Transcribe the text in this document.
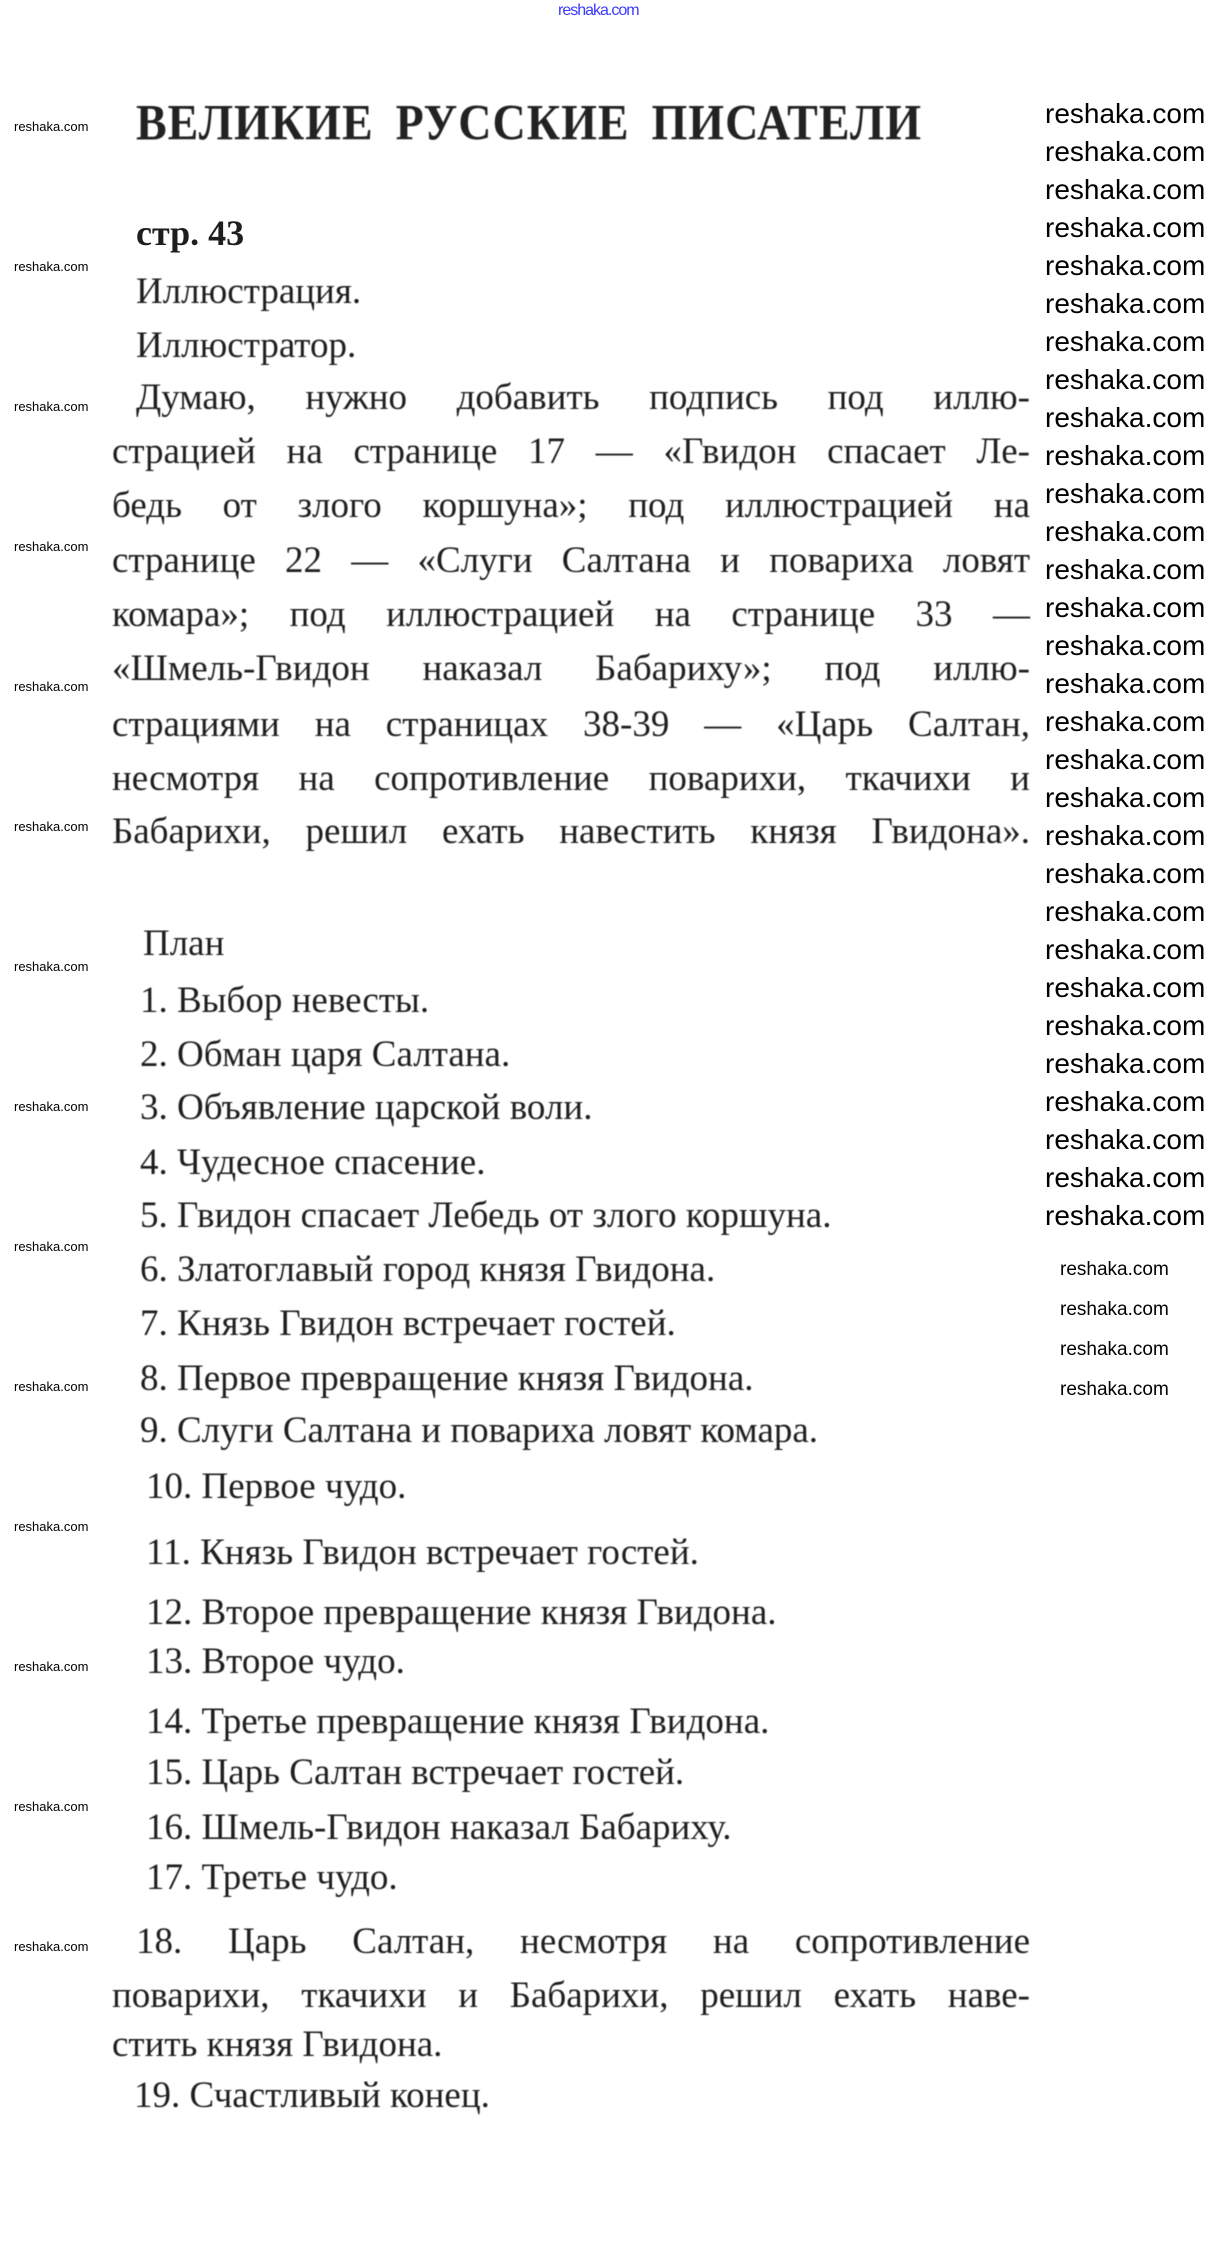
reshaka.com
ВЕЛИКИЕ РУССКИЕ ПИСАТЕЛИ
стр. 43
Иллюстрация.
Иллюстратор.
Думаю, нужно добавить подпись под иллю-
страцией на странице 17 — «Гвидон спасает Ле-
бедь от злого коршуна»; под иллюстрацией на
странице 22 — «Слуги Салтана и повариха ловят
комара»; под иллюстрацией на странице 33 —
«Шмель-Гвидон наказал Бабариху»; под иллю-
страциями на страницах 38-39 — «Царь Салтан,
несмотря на сопротивление поварихи, ткачихи и
Бабарихи, решил ехать навестить князя Гвидона».
План
1. Выбор невесты.
2. Обман царя Салтана.
3. Объявление царской воли.
4. Чудесное спасение.
5. Гвидон спасает Лебедь от злого коршуна.
6. Златоглавый город князя Гвидона.
7. Князь Гвидон встречает гостей.
8. Первое превращение князя Гвидона.
9. Слуги Салтана и повариха ловят комара.
10. Первое чудо.
11. Князь Гвидон встречает гостей.
12. Второе превращение князя Гвидона.
13. Второе чудо.
14. Третье превращение князя Гвидона.
15. Царь Салтан встречает гостей.
16. Шмель-Гвидон наказал Бабариху.
17. Третье чудо.
18. Царь Салтан, несмотря на сопротивление
поварихи, ткачихи и Бабарихи, решил ехать наве-
стить князя Гвидона.
19. Счастливый конец.
reshaka.com
reshaka.com
reshaka.com
reshaka.com
reshaka.com
reshaka.com
reshaka.com
reshaka.com
reshaka.com
reshaka.com
reshaka.com
reshaka.com
reshaka.com
reshaka.com
reshaka.com
reshaka.com
reshaka.com
reshaka.com
reshaka.com
reshaka.com
reshaka.com
reshaka.com
reshaka.com
reshaka.com
reshaka.com
reshaka.com
reshaka.com
reshaka.com
reshaka.com
reshaka.com
reshaka.com
reshaka.com
reshaka.com
reshaka.com
reshaka.com
reshaka.com
reshaka.com
reshaka.com
reshaka.com
reshaka.com
reshaka.com
reshaka.com
reshaka.com
reshaka.com
reshaka.com
reshaka.com
reshaka.com
reshaka.com
